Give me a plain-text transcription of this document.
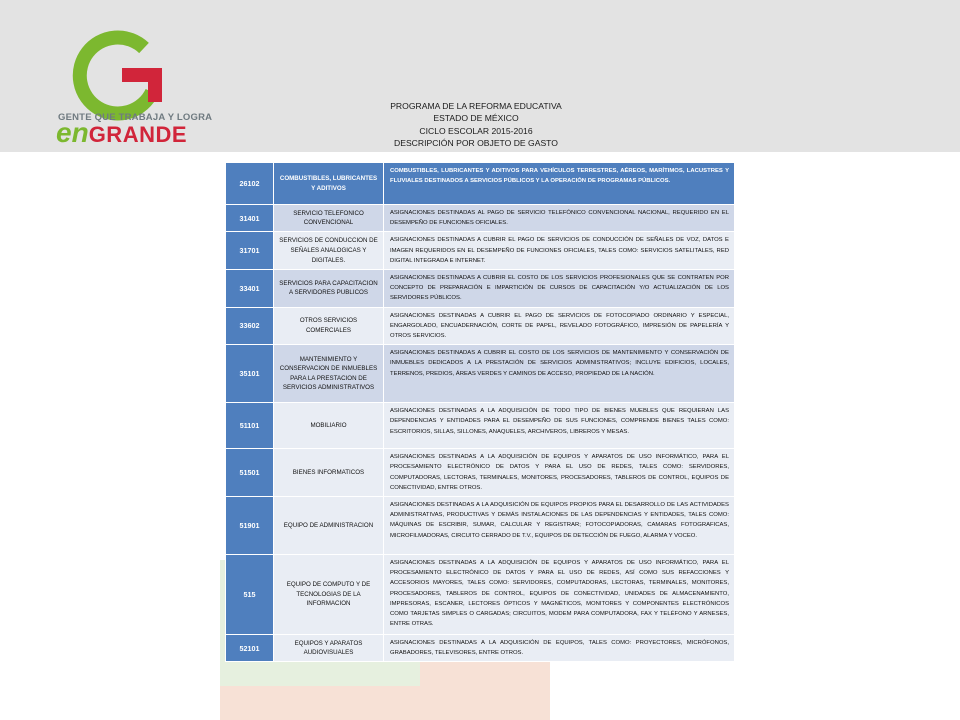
GENTE QUE TRABAJA Y LOGRA
enGRANDE
PROGRAMA DE LA REFORMA EDUCATIVA
ESTADO DE MÉXICO
CICLO ESCOLAR 2015-2016
DESCRIPCIÓN POR OBJETO DE GASTO
26102	COMBUSTIBLES, LUBRICANTES Y ADITIVOS	COMBUSTIBLES, LUBRICANTES Y ADITIVOS PARA VEHÍCULOS TERRESTRES, AÉREOS, MARÍTIMOS, LACUSTRES Y FLUVIALES DESTINADOS A SERVICIOS PÚBLICOS Y LA OPERACIÓN DE PROGRAMAS PÚBLICOS.
31401	SERVICIO TELEFONICO CONVENCIONAL	ASIGNACIONES DESTINADAS AL PAGO DE SERVICIO TELEFÓNICO CONVENCIONAL NACIONAL, REQUERIDO EN EL DESEMPEÑO DE FUNCIONES OFICIALES.
31701	SERVICIOS DE CONDUCCION DE SEÑALES ANALOGICAS Y DIGITALES.	ASIGNACIONES DESTINADAS A CUBRIR EL PAGO DE SERVICIOS DE CONDUCCIÓN DE SEÑALES DE VOZ, DATOS E IMAGEN REQUERIDOS EN EL DESEMPEÑO DE FUNCIONES OFICIALES, TALES COMO: SERVICIOS SATELITALES, RED DIGITAL INTEGRADA E INTERNET.
33401	SERVICIOS PARA CAPACITACION A SERVIDORES PUBLICOS	ASIGNACIONES DESTINADAS A CUBRIR EL COSTO DE LOS SERVICIOS PROFESIONALES QUE SE CONTRATEN POR CONCEPTO DE PREPARACIÓN E IMPARTICIÓN DE CURSOS DE CAPACITACIÓN Y/O ACTUALIZACIÓN DE LOS SERVIDORES PÚBLICOS.
33602	OTROS SERVICIOS COMERCIALES	ASIGNACIONES DESTINADAS A CUBRIR EL PAGO DE SERVICIOS DE FOTOCOPIADO ORDINARIO Y ESPECIAL, ENGARGOLADO, ENCUADERNACIÓN, CORTE DE PAPEL, REVELADO FOTOGRÁFICO, IMPRESIÓN DE PAPELERÍA Y OTROS SERVICIOS.
35101	MANTENIMIENTO Y CONSERVACION DE INMUEBLES PARA LA PRESTACION DE SERVICIOS ADMINISTRATIVOS	ASIGNACIONES DESTINADAS A CUBRIR EL COSTO DE LOS SERVICIOS DE MANTENIMIENTO Y CONSERVACIÓN DE INMUEBLES DEDICADOS A LA PRESTACIÓN DE SERVICIOS ADMINISTRATIVOS; INCLUYE EDIFICIOS, LOCALES, TERRENOS, PREDIOS, ÁREAS VERDES Y CAMINOS DE ACCESO, PROPIEDAD DE LA NACIÓN.
51101	MOBILIARIO	ASIGNACIONES DESTINADAS A LA ADQUISICIÓN DE TODO TIPO DE BIENES MUEBLES QUE REQUIERAN LAS DEPENDENCIAS Y ENTIDADES PARA EL DESEMPEÑO DE SUS FUNCIONES, COMPRENDE BIENES TALES COMO: ESCRITORIOS, SILLAS, SILLONES, ANAQUELES, ARCHIVEROS, LIBREROS Y MESAS.
51501	BIENES INFORMATICOS	ASIGNACIONES DESTINADAS A LA ADQUISICIÓN DE EQUIPOS Y APARATOS DE USO INFORMÁTICO, PARA EL PROCESAMIENTO ELECTRÓNICO DE DATOS Y PARA EL USO DE REDES, TALES COMO: SERVIDORES, COMPUTADORAS, LECTORAS, TERMINALES, MONITORES, PROCESADORES, TABLEROS DE CONTROL, EQUIPOS DE CONECTIVIDAD, ENTRE OTROS.
51901	EQUIPO DE ADMINISTRACION	ASIGNACIONES DESTINADAS A LA ADQUISICIÓN DE EQUIPOS PROPIOS PARA EL DESARROLLO DE LAS ACTIVIDADES ADMINISTRATIVAS, PRODUCTIVAS Y DEMÁS INSTALACIONES DE LAS DEPENDENCIAS Y ENTIDADES, TALES COMO: MÁQUINAS DE ESCRIBIR, SUMAR, CALCULAR Y REGISTRAR; FOTOCOPIADORAS, CAMARAS FOTOGRAFICAS, MICROFILMADORAS, CIRCUITO CERRADO DE T.V., EQUIPOS DE DETECCIÓN DE FUEGO, ALARMA Y VOCEO.
515	EQUIPO DE COMPUTO Y DE TECNOLOGIAS DE LA INFORMACION	ASIGNACIONES DESTINADAS A LA ADQUISICIÓN DE EQUIPOS Y APARATOS DE USO INFORMÁTICO, PARA EL PROCESAMIENTO ELECTRÓNICO DE DATOS Y PARA EL USO DE REDES, ASÍ COMO SUS REFACCIONES Y ACCESORIOS MAYORES, TALES COMO: SERVIDORES, COMPUTADORAS, LECTORAS, TERMINALES, MONITORES, PROCESADORES, TABLEROS DE CONTROL, EQUIPOS DE CONECTIVIDAD, UNIDADES DE ALMACENAMIENTO, IMPRESORAS, ESCANER, LECTORES ÓPTICOS Y MAGNÉTICOS, MONITORES Y COMPONENTES ELECTRÓNICOS COMO TARJETAS SIMPLES O CARGADAS; CIRCUITOS, MODEM PARA COMPUTADORA, FAX Y TELÉFONO Y ARNESES, ENTRE OTRAS.
52101	EQUIPOS Y APARATOS AUDIOVISUALES	ASIGNACIONES DESTINADAS A LA ADQUISICIÓN DE EQUIPOS, TALES COMO: PROYECTORES, MICRÓFONOS, GRABADORES, TELEVISORES, ENTRE OTROS.
